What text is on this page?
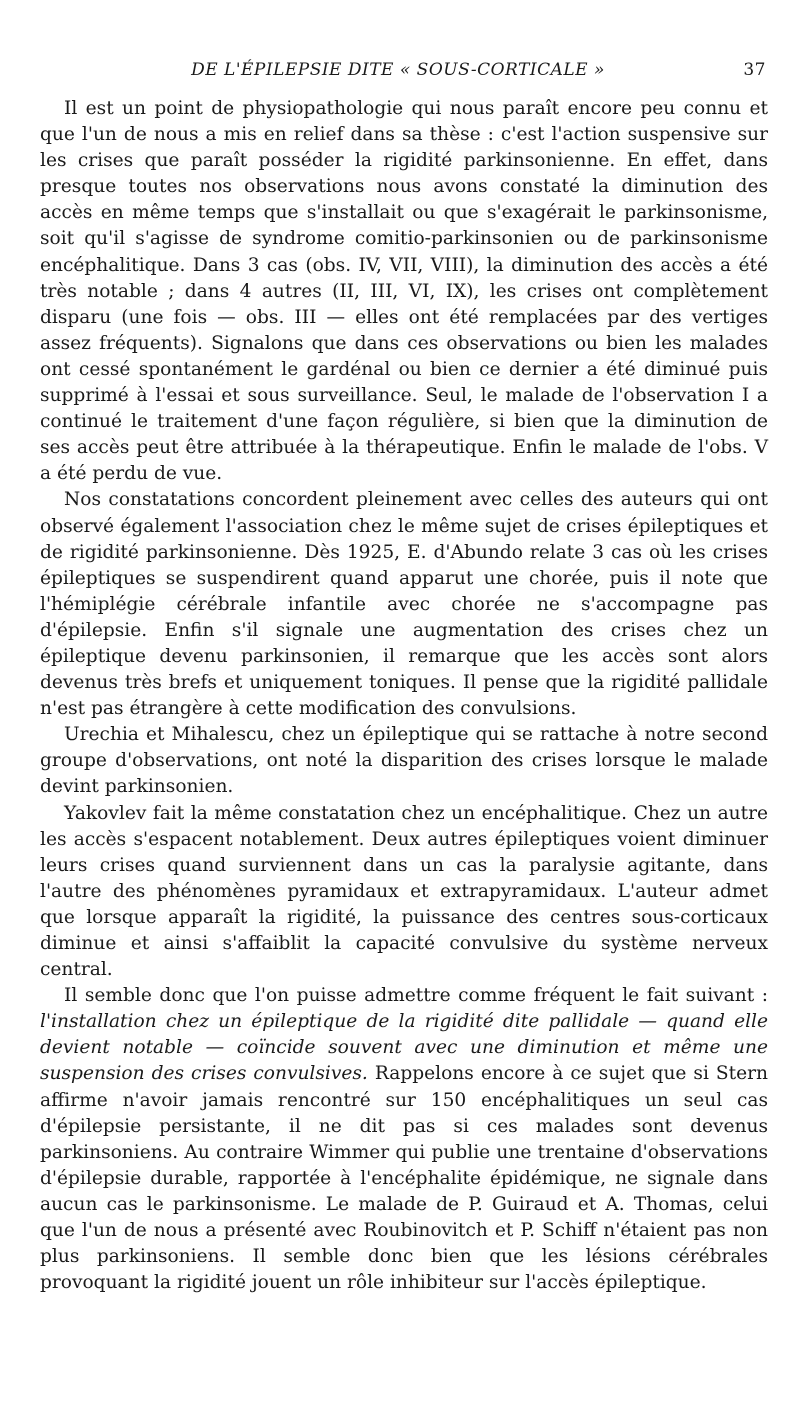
DE L'ÉPILEPSIE DITE « SOUS-CORTICALE »	37

Il est un point de physiopathologie qui nous paraît encore peu connu et que l'un de nous a mis en relief dans sa thèse : c'est l'action suspensive sur les crises que paraît posséder la rigidité parkinsonienne. En effet, dans presque toutes nos observations nous avons constaté la diminution des accès en même temps que s'installait ou que s'exagérait le parkinsonisme, soit qu'il s'agisse de syndrome comitio-parkinsonien ou de parkinsonisme encéphalitique. Dans 3 cas (obs. IV, VII, VIII), la diminution des accès a été très notable ; dans 4 autres (II, III, VI, IX), les crises ont complètement disparu (une fois — obs. III — elles ont été remplacées par des vertiges assez fréquents). Signalons que dans ces observations ou bien les malades ont cessé spontanément le gardénal ou bien ce dernier a été diminué puis supprimé à l'essai et sous surveillance. Seul, le malade de l'observation I a continué le traitement d'une façon régulière, si bien que la diminution de ses accès peut être attribuée à la thérapeutique. Enfin le malade de l'obs. V a été perdu de vue.

Nos constatations concordent pleinement avec celles des auteurs qui ont observé également l'association chez le même sujet de crises épileptiques et de rigidité parkinsonienne. Dès 1925, E. d'Abundo relate 3 cas où les crises épileptiques se suspendirent quand apparut une chorée, puis il note que l'hémiplégie cérébrale infantile avec chorée ne s'accompagne pas d'épilepsie. Enfin s'il signale une augmentation des crises chez un épileptique devenu parkinsonien, il remarque que les accès sont alors devenus très brefs et uniquement toniques. Il pense que la rigidité pallidale n'est pas étrangère à cette modification des convulsions.

Urechia et Mihalescu, chez un épileptique qui se rattache à notre second groupe d'observations, ont noté la disparition des crises lorsque le malade devint parkinsonien.

Yakovlev fait la même constatation chez un encéphalitique. Chez un autre les accès s'espacent notablement. Deux autres épileptiques voient diminuer leurs crises quand surviennent dans un cas la paralysie agitante, dans l'autre des phénomènes pyramidaux et extrapyramidaux. L'auteur admet que lorsque apparaît la rigidité, la puissance des centres sous-corticaux diminue et ainsi s'affaiblit la capacité convulsive du système nerveux central.

Il semble donc que l'on puisse admettre comme fréquent le fait suivant : l'installation chez un épileptique de la rigidité dite pallidale — quand elle devient notable — coïncide souvent avec une diminution et même une suspension des crises convulsives. Rappelons encore à ce sujet que si Stern affirme n'avoir jamais rencontré sur 150 encéphalitiques un seul cas d'épilepsie persistante, il ne dit pas si ces malades sont devenus parkinsoniens. Au contraire Wimmer qui publie une trentaine d'observations d'épilepsie durable, rapportée à l'encéphalite épidémique, ne signale dans aucun cas le parkinsonisme. Le malade de P. Guiraud et A. Thomas, celui que l'un de nous a présenté avec Roubinovitch et P. Schiff n'étaient pas non plus parkinsoniens. Il semble donc bien que les lésions cérébrales provoquant la rigidité jouent un rôle inhibiteur sur l'accès épileptique.
